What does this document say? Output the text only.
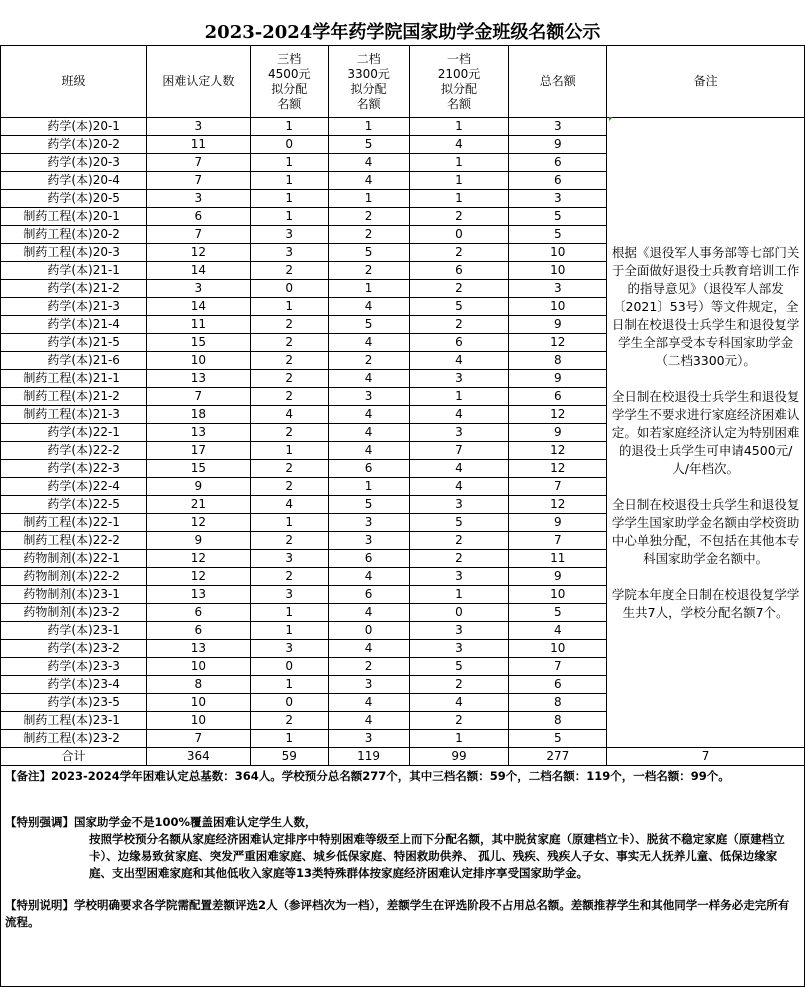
2023-2024学年药学院国家助学金班级名额公示
班级	困难认定人数	三档
4500元
拟分配
名额	二档
3300元
拟分配
名额	一档
2100元
拟分配
名额	总名额	备注
药学(本)20-1	3	1	1	1	3	根据《退役军人事务部等七部门关于全面做好退役士兵教育培训工作的指导意见》（退役军人部发〔2021〕53号）等文件规定，全日制在校退役士兵学生和退役复学学生全部享受本专科国家助学金（二档3300元）。

全日制在校退役士兵学生和退役复学学生不要求进行家庭经济困难认定。如若家庭经济认定为特别困难的退役士兵学生可申请4500元/人/年档次。

全日制在校退役士兵学生和退役复学学生国家助学金名额由学校资助中心单独分配，不包括在其他本专科国家助学金名额中。

学院本年度全日制在校退役复学学生共7人，学校分配名额7个。

药学(本)20-2	11	0	5	4	9	
药学(本)20-3	7	1	4	1	6	
药学(本)20-4	7	1	4	1	6	
药学(本)20-5	3	1	1	1	3	
制药工程(本)20-1	6	1	2	2	5	
制药工程(本)20-2	7	3	2	0	5	
制药工程(本)20-3	12	3	5	2	10	
药学(本)21-1	14	2	2	6	10	
药学(本)21-2	3	0	1	2	3	
药学(本)21-3	14	1	4	5	10	
药学(本)21-4	11	2	5	2	9	
药学(本)21-5	15	2	4	6	12	
药学(本)21-6	10	2	2	4	8	
制药工程(本)21-1	13	2	4	3	9	
制药工程(本)21-2	7	2	3	1	6	
制药工程(本)21-3	18	4	4	4	12	
药学(本)22-1	13	2	4	3	9	
药学(本)22-2	17	1	4	7	12	
药学(本)22-3	15	2	6	4	12	
药学(本)22-4	9	2	1	4	7	
药学(本)22-5	21	4	5	3	12	
制药工程(本)22-1	12	1	3	5	9	
制药工程(本)22-2	9	2	3	2	7	
药物制剂(本)22-1	12	3	6	2	11	
药物制剂(本)22-2	12	2	4	3	9	
药物制剂(本)23-1	13	3	6	1	10	
药物制剂(本)23-2	6	1	4	0	5	
药学(本)23-1	6	1	0	3	4	
药学(本)23-2	13	3	4	3	10	
药学(本)23-3	10	0	2	5	7	
药学(本)23-4	8	1	3	2	6	
药学(本)23-5	10	0	4	4	8	
制药工程(本)23-1	10	2	4	2	8	
制药工程(本)23-2	7	1	3	1	5	
合计	364	59	119	99	277	7
【备注】2023-2024学年困难认定总基数：364人。学校预分总名额277个，其中三档名额：59个，二档名额：119个，一档名额：99个。
【特别强调】国家助学金不是100%覆盖困难认定学生人数，
按照学校预分名额从家庭经济困难认定排序中特别困难等级至上而下分配名额，其中脱贫家庭（原建档立卡）、脱贫不稳定家庭（原建档立卡）、边缘易致贫家庭、突发严重困难家庭、城乡低保家庭、特困救助供养、 孤儿、残疾、残疾人子女、事实无人抚养儿童、低保边缘家庭、支出型困难家庭和其他低收入家庭等13类特殊群体按家庭经济困难认定排序享受国家助学金。
【特别说明】学校明确要求各学院需配置差额评选2人（参评档次为一档），差额学生在评选阶段不占用总名额。差额推荐学生和其他同学一样务必走完所有流程。
